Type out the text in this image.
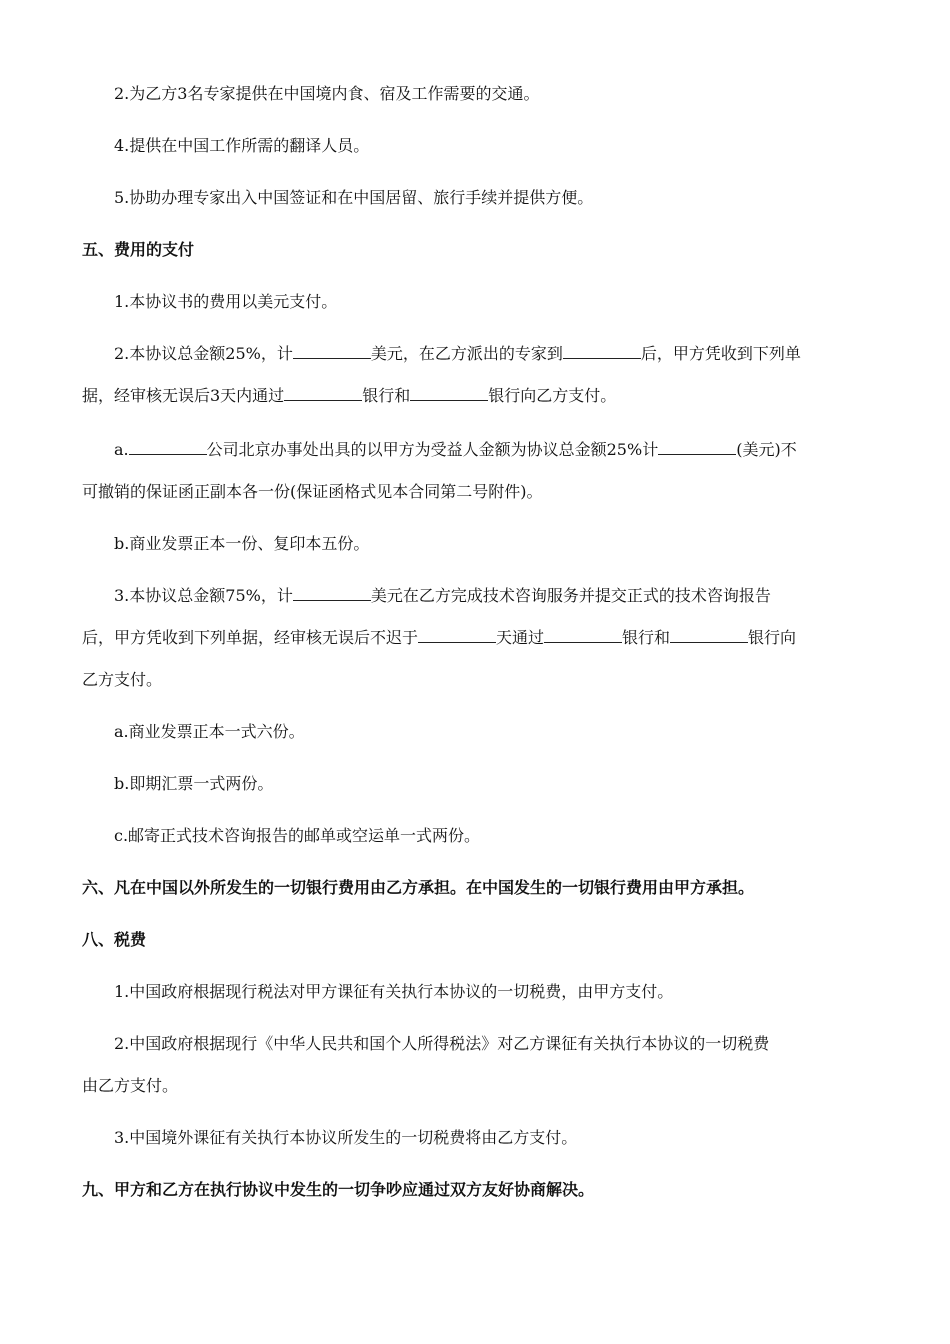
2.为乙方3名专家提供在中国境内食、宿及工作需要的交通。
4.提供在中国工作所需的翻译人员。
5.协助办理专家出入中国签证和在中国居留、旅行手续并提供方便。
五、费用的支付
1.本协议书的费用以美元支付。
2.本协议总金额25%，计	美元，在乙方派出的专家到	后，甲方凭收到下列单
据，经审核无误后3天内通过	银行和	银行向乙方支付。
a.	公司北京办事处出具的以甲方为受益人金额为协议总金额25%计	(美元)不
可撤销的保证函正副本各一份(保证函格式见本合同第二号附件)。
b.商业发票正本一份、复印本五份。
3.本协议总金额75%，计	美元在乙方完成技术咨询服务并提交正式的技术咨询报告
后，甲方凭收到下列单据，经审核无误后不迟于	天通过	银行和	银行向
乙方支付。
a.商业发票正本一式六份。
b.即期汇票一式两份。
c.邮寄正式技术咨询报告的邮单或空运单一式两份。
六、凡在中国以外所发生的一切银行费用由乙方承担。在中国发生的一切银行费用由甲方承担。
八、税费
1.中国政府根据现行税法对甲方课征有关执行本协议的一切税费，由甲方支付。
2.中国政府根据现行《中华人民共和国个人所得税法》对乙方课征有关执行本协议的一切税费
由乙方支付。
3.中国境外课征有关执行本协议所发生的一切税费将由乙方支付。
九、甲方和乙方在执行协议中发生的一切争吵应通过双方友好协商解决。
